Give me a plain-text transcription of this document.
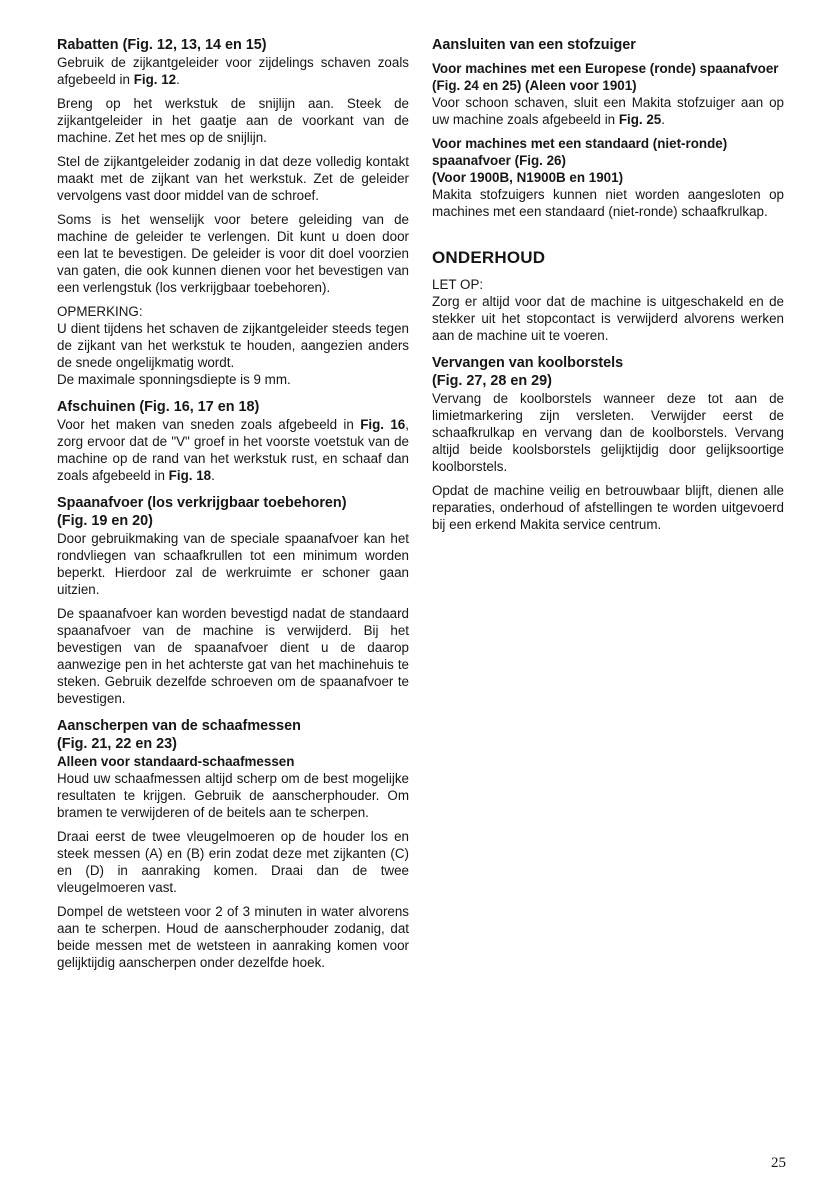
Rabatten (Fig. 12, 13, 14 en 15)

Gebruik de zijkantgeleider voor zijdelings schaven zoals afgebeeld in Fig. 12.

Breng op het werkstuk de snijlijn aan. Steek de zijkantgeleider in het gaatje aan de voorkant van de machine. Zet het mes op de snijlijn.

Stel de zijkantgeleider zodanig in dat deze volledig kontakt maakt met de zijkant van het werkstuk. Zet de geleider vervolgens vast door middel van de schroef.

Soms is het wenselijk voor betere geleiding van de machine de geleider te verlengen. Dit kunt u doen door een lat te bevestigen. De geleider is voor dit doel voorzien van gaten, die ook kunnen dienen voor het bevestigen van een verlengstuk (los verkrijgbaar toebehoren).

OPMERKING:

U dient tijdens het schaven de zijkantgeleider steeds tegen de zijkant van het werkstuk te houden, aangezien anders de snede ongelijkmatig wordt.

De maximale sponningsdiepte is 9 mm.

Afschuinen (Fig. 16, 17 en 18)

Voor het maken van sneden zoals afgebeeld in Fig. 16, zorg ervoor dat de "V" groef in het voorste voetstuk van de machine op de rand van het werkstuk rust, en schaaf dan zoals afgebeeld in Fig. 18.

Spaanafvoer (los verkrijgbaar toebehoren)
(Fig. 19 en 20)

Door gebruikmaking van de speciale spaanafvoer kan het rondvliegen van schaafkrullen tot een minimum worden beperkt. Hierdoor zal de werkruimte er schoner gaan uitzien.

De spaanafvoer kan worden bevestigd nadat de standaard spaanafvoer van de machine is verwijderd. Bij het bevestigen van de spaanafvoer dient u de daarop aanwezige pen in het achterste gat van het machinehuis te steken. Gebruik dezelfde schroeven om de spaanafvoer te bevestigen.

Aanscherpen van de schaafmessen
(Fig. 21, 22 en 23)
Alleen voor standaard-schaafmessen

Houd uw schaafmessen altijd scherp om de best mogelijke resultaten te krijgen. Gebruik de aanscherphouder. Om bramen te verwijderen of de beitels aan te scherpen.

Draai eerst de twee vleugelmoeren op de houder los en steek messen (A) en (B) erin zodat deze met zijkanten (C) en (D) in aanraking komen. Draai dan de twee vleugelmoeren vast.

Dompel de wetsteen voor 2 of 3 minuten in water alvorens aan te scherpen. Houd de aanscherphouder zodanig, dat beide messen met de wetsteen in aanraking komen voor gelijktijdig aanscherpen onder dezelfde hoek.

Aansluiten van een stofzuiger
Voor machines met een Europese (ronde) spaanafvoer (Fig. 24 en 25) (Aleen voor 1901)

Voor schoon schaven, sluit een Makita stofzuiger aan op uw machine zoals afgebeeld in Fig. 25.

Voor machines met een standaard (niet-ronde) spaanafvoer (Fig. 26)
(Voor 1900B, N1900B en 1901)

Makita stofzuigers kunnen niet worden aangesloten op machines met een standaard (niet-ronde) schaafkrulkap.

ONDERHOUD

LET OP:

Zorg er altijd voor dat de machine is uitgeschakeld en de stekker uit het stopcontact is verwijderd alvorens werken aan de machine uit te voeren.

Vervangen van koolborstels
(Fig. 27, 28 en 29)

Vervang de koolborstels wanneer deze tot aan de limietmarkering zijn versleten. Verwijder eerst de schaafkrulkap en vervang dan de koolborstels. Vervang altijd beide koolsborstels gelijktijdig door gelijksoortige koolborstels.

Opdat de machine veilig en betrouwbaar blijft, dienen alle reparaties, onderhoud of afstellingen te worden uitgevoerd bij een erkend Makita service centrum.

25
